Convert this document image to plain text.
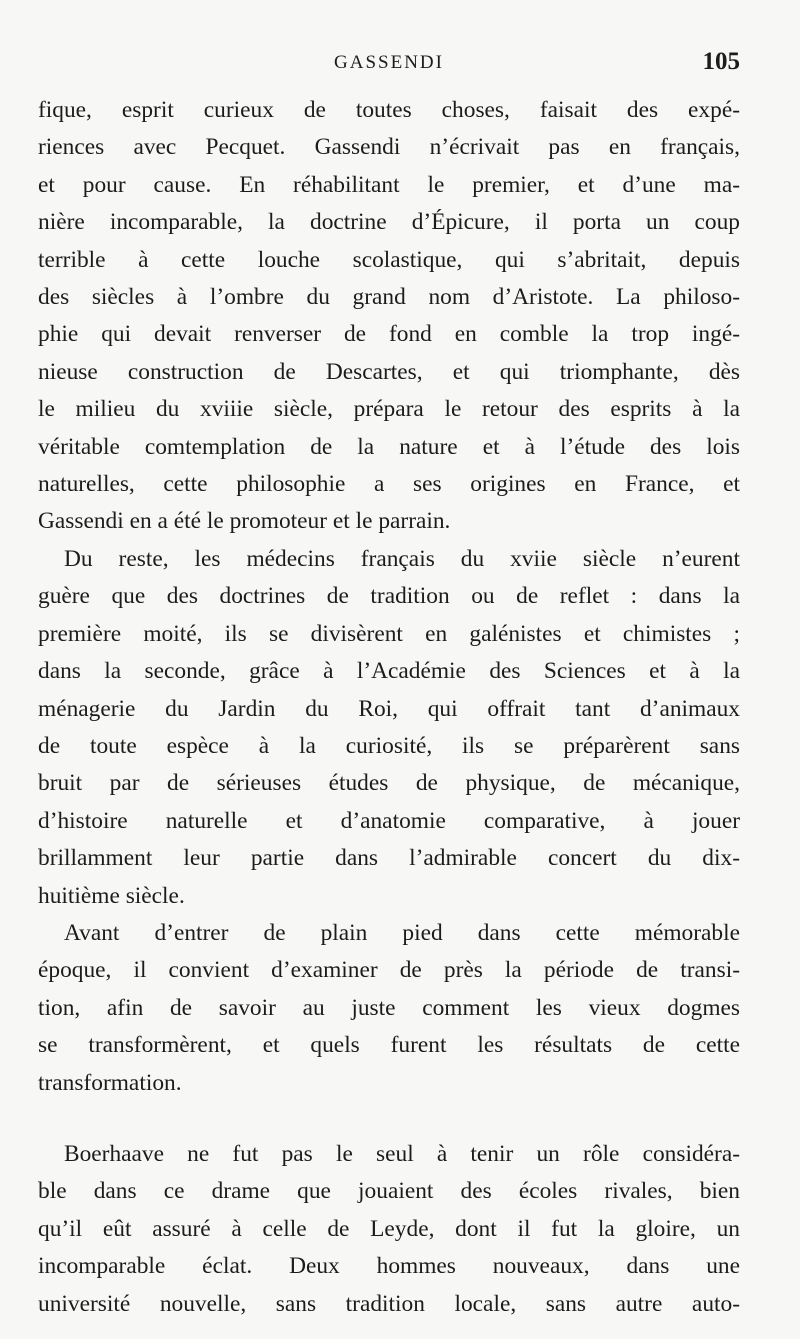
GASSENDI	105
fique, esprit curieux de toutes choses, faisait des expé-
riences avec Pecquet. Gassendi n’écrivait pas en français,
et pour cause. En réhabilitant le premier, et d’une ma-
nière incomparable, la doctrine d’Épicure, il porta un coup
terrible à cette louche scolastique, qui s’abritait, depuis
des siècles à l’ombre du grand nom d’Aristote. La philoso-
phie qui devait renverser de fond en comble la trop ingé-
nieuse construction de Descartes, et qui triomphante, dès
le milieu du xviiie siècle, prépara le retour des esprits à la
véritable comtemplation de la nature et à l’étude des lois
naturelles, cette philosophie a ses origines en France, et
Gassendi en a été le promoteur et le parrain.
Du reste, les médecins français du xviie siècle n’eurent
guère que des doctrines de tradition ou de reflet : dans la
première moité, ils se divisèrent en galénistes et chimistes ;
dans la seconde, grâce à l’Académie des Sciences et à la
ménagerie du Jardin du Roi, qui offrait tant d’animaux
de toute espèce à la curiosité, ils se préparèrent sans
bruit par de sérieuses études de physique, de mécanique,
d’histoire naturelle et d’anatomie comparative, à jouer
brillamment leur partie dans l’admirable concert du dix-
huitième siècle.
Avant d’entrer de plain pied dans cette mémorable
époque, il convient d’examiner de près la période de transi-
tion, afin de savoir au juste comment les vieux dogmes
se transformèrent, et quels furent les résultats de cette
transformation.
Boerhaave ne fut pas le seul à tenir un rôle considéra-
ble dans ce drame que jouaient des écoles rivales, bien
qu’il eût assuré à celle de Leyde, dont il fut la gloire, un
incomparable éclat. Deux hommes nouveaux, dans une
université nouvelle, sans tradition locale, sans autre auto-
